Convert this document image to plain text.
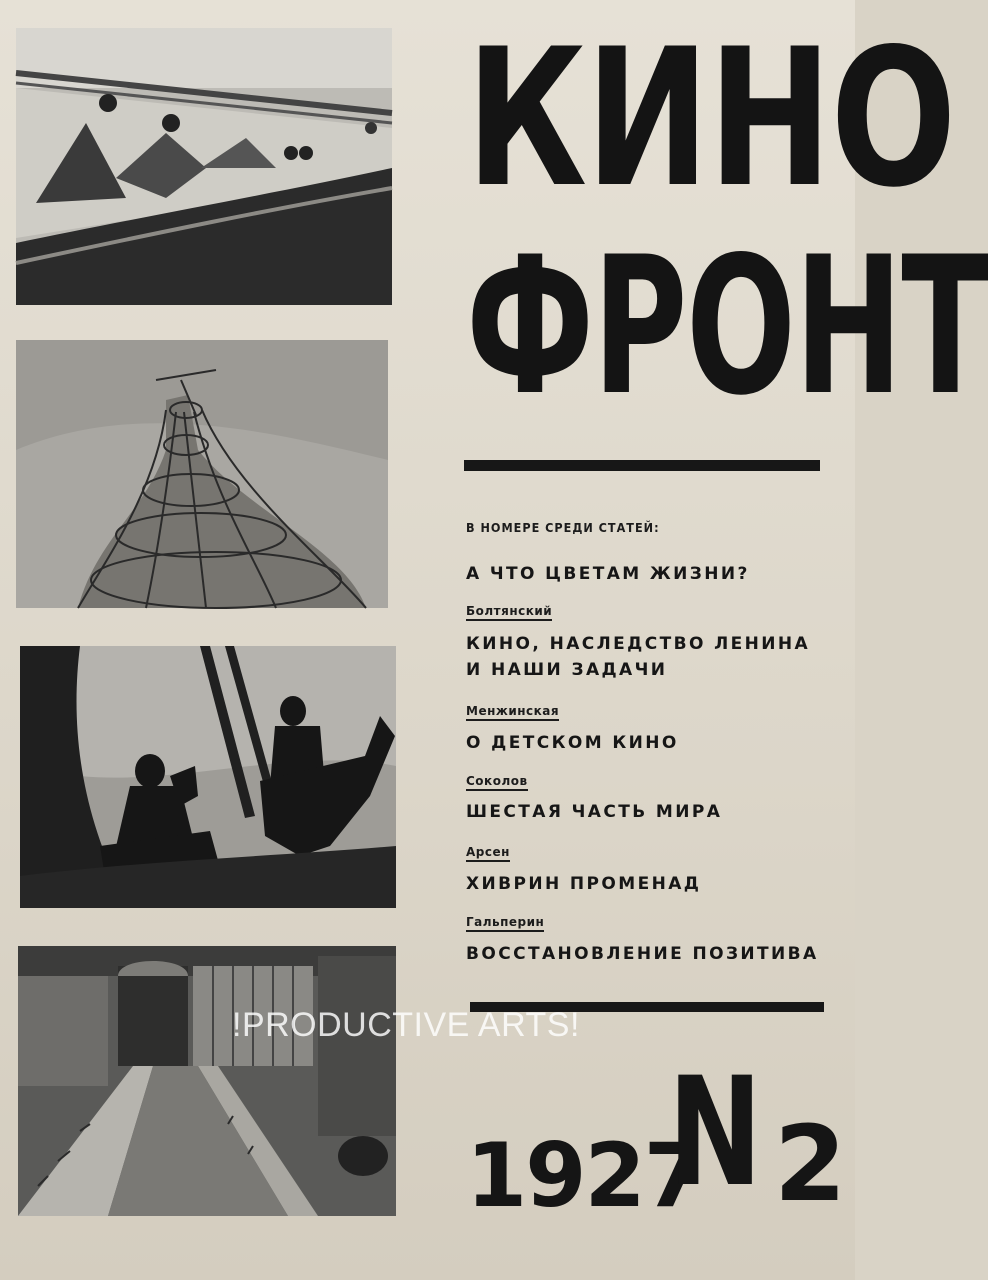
КИНО
ФРОНТ
В НОМЕРЕ СРЕДИ СТАТЕЙ:
А ЧТО ЦВЕТАМ ЖИЗНИ?
Болтянский
КИНО, НАСЛЕДСТВО ЛЕНИНА
И НАШИ ЗАДАЧИ
Менжинская
О ДЕТСКОМ КИНО
Соколов
ШЕСТАЯ ЧАСТЬ МИРА
Арсен
ХИВРИН ПРОМЕНАД
Гальперин
ВОССТАНОВЛЕНИЕ ПОЗИТИВА
1927
N 2
!PRODUCTIVE ARTS!
